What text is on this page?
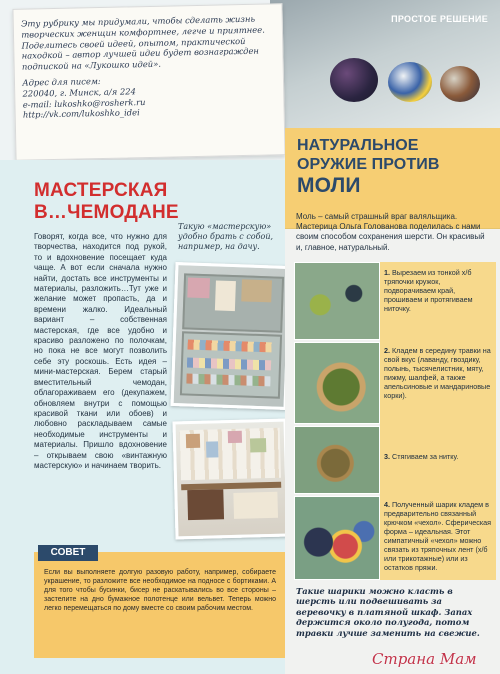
ПРОСТОЕ РЕШЕНИЕ

Эту рубрику мы придумали, чтобы сделать жизнь творческих женщин комфортнее, легче и приятнее. Поделитесь своей идеей, опытом, практической находкой – автор лучшей идеи будет вознагражден подпиской на «Лукошко идей».

Адрес для писем:

220040, г. Минск, а/я 224

e-mail: lukoshko@rosherk.ru

http://vk.com/lukoshko_idei

МАСТЕРСКАЯ
В…ЧЕМОДАНЕ
Говорят, когда все, что нужно для творчества, находится под рукой, то и вдохновение посещает куда чаще. А вот если сначала нужно найти, достать все инструменты и материалы, разложить…Тут уже и желание может пропасть, да и времени жалко. Идеальный вариант – собственная мастерская, где все удобно и красиво разложено по полочкам, но пока не все могут позволить себе эту роскошь. Есть идея – мини-мастерская. Берем старый вместительный чемодан, облагораживаем его (декупажем, обновляем внутри с помощью красивой ткани или обоев) и любовно раскладываем самые необходимые инструменты и материалы. Пришло вдохновение – открываем свою «винтажную мастерскую» и начинаем творить.
Такую «мастерскую» удобно брать с собой, например, на дачу.
СОВЕТ
Если вы выполняете долгую разовую работу, например, собираете украшение, то разложите все необходимое на подносе с бортиками. А для того чтобы бусинки, бисер не раскатывались во все стороны – застелите на дно бумажное полотенце или вельвет. Теперь можно легко перемещаться по дому вместе со своим рабочим местом.
НАТУРАЛЬНОЕ
ОРУЖИЕ ПРОТИВ
МОЛИ
Моль – самый страшный враг валяльщика. Мастерица Ольга Голованова поделилась с нами своим способом сохранения шерсти. Он красивый и, главное, натуральный.
1. Вырезаем из тонкой х/б тряпочки кружок, подворачиваем край, прошиваем и протягиваем ниточку.
2. Кладем в середину травки на свой вкус (лаванду, гвоздику, полынь, тысячелистник, мяту, пижму, шалфей, а также апельсиновые и мандариновые корки).
3. Стягиваем за нитку.
4. Полученный шарик кладем в предварительно связанный крючком «чехол». Сферическая форма – идеальная. Этот симпатичный «чехол» можно связать из тряпочных лент (х/б или трикотажные) или из остатков пряжи.
Такие шарики можно класть в шерсть или подвешивать за веревочку в платяной шкаф. Запах держится около полугода, потом травки лучше заменить на свежие.
Страна Мам
